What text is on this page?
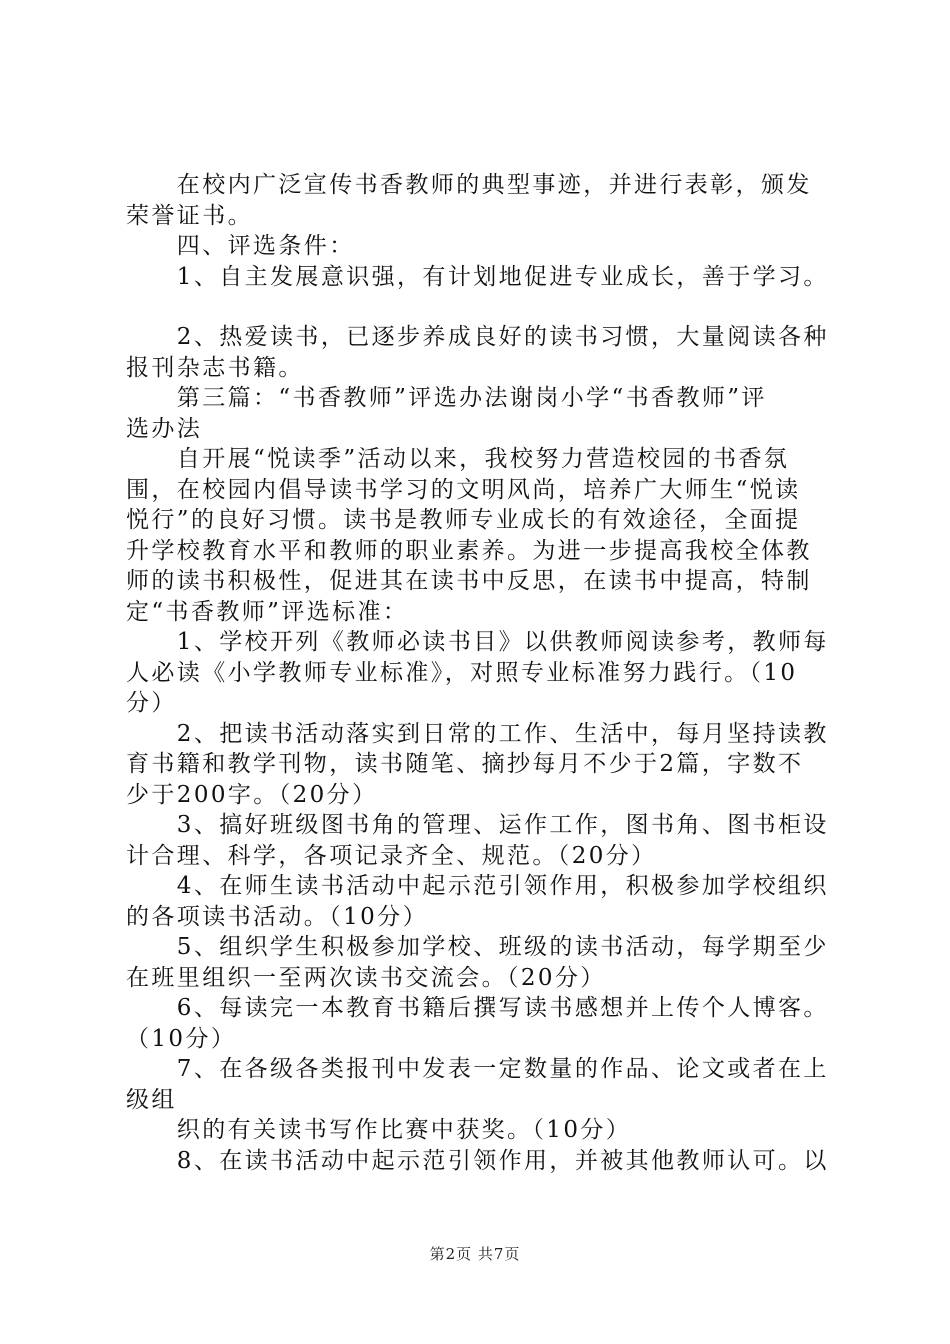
　　在校内广泛宣传书香教师的典型事迹，并进行表彰，颁发

荣誉证书。

　　四、评选条件：

　　1、自主发展意识强，有计划地促进专业成长，善于学习。

　　2、热爱读书，已逐步养成良好的读书习惯，大量阅读各种

报刊杂志书籍。

　　第三篇：“书香教师”评选办法谢岗小学“书香教师”评

选办法

　　自开展“悦读季”活动以来，我校努力营造校园的书香氛

围，在校园内倡导读书学习的文明风尚，培养广大师生“悦读

悦行”的良好习惯。读书是教师专业成长的有效途径，全面提

升学校教育水平和教师的职业素养。为进一步提高我校全体教

师的读书积极性，促进其在读书中反思，在读书中提高，特制

定“书香教师”评选标准：

　　1、学校开列《教师必读书目》以供教师阅读参考，教师每

人必读《小学教师专业标准》，对照专业标准努力践行。（10

分）

　　2、把读书活动落实到日常的工作、生活中，每月坚持读教

育书籍和教学刊物，读书随笔、摘抄每月不少于2篇，字数不

少于200字。（20分）

　　3、搞好班级图书角的管理、运作工作，图书角、图书柜设

计合理、科学，各项记录齐全、规范。（20分）

　　4、在师生读书活动中起示范引领作用，积极参加学校组织

的各项读书活动。（10分）

　　5、组织学生积极参加学校、班级的读书活动，每学期至少

在班里组织一至两次读书交流会。（20分）

　　6、每读完一本教育书籍后撰写读书感想并上传个人博客。

（10分）

　　7、在各级各类报刊中发表一定数量的作品、论文或者在上

级组

　　织的有关读书写作比赛中获奖。（10分）

　　8、在读书活动中起示范引领作用，并被其他教师认可。以

第2页 共7页
